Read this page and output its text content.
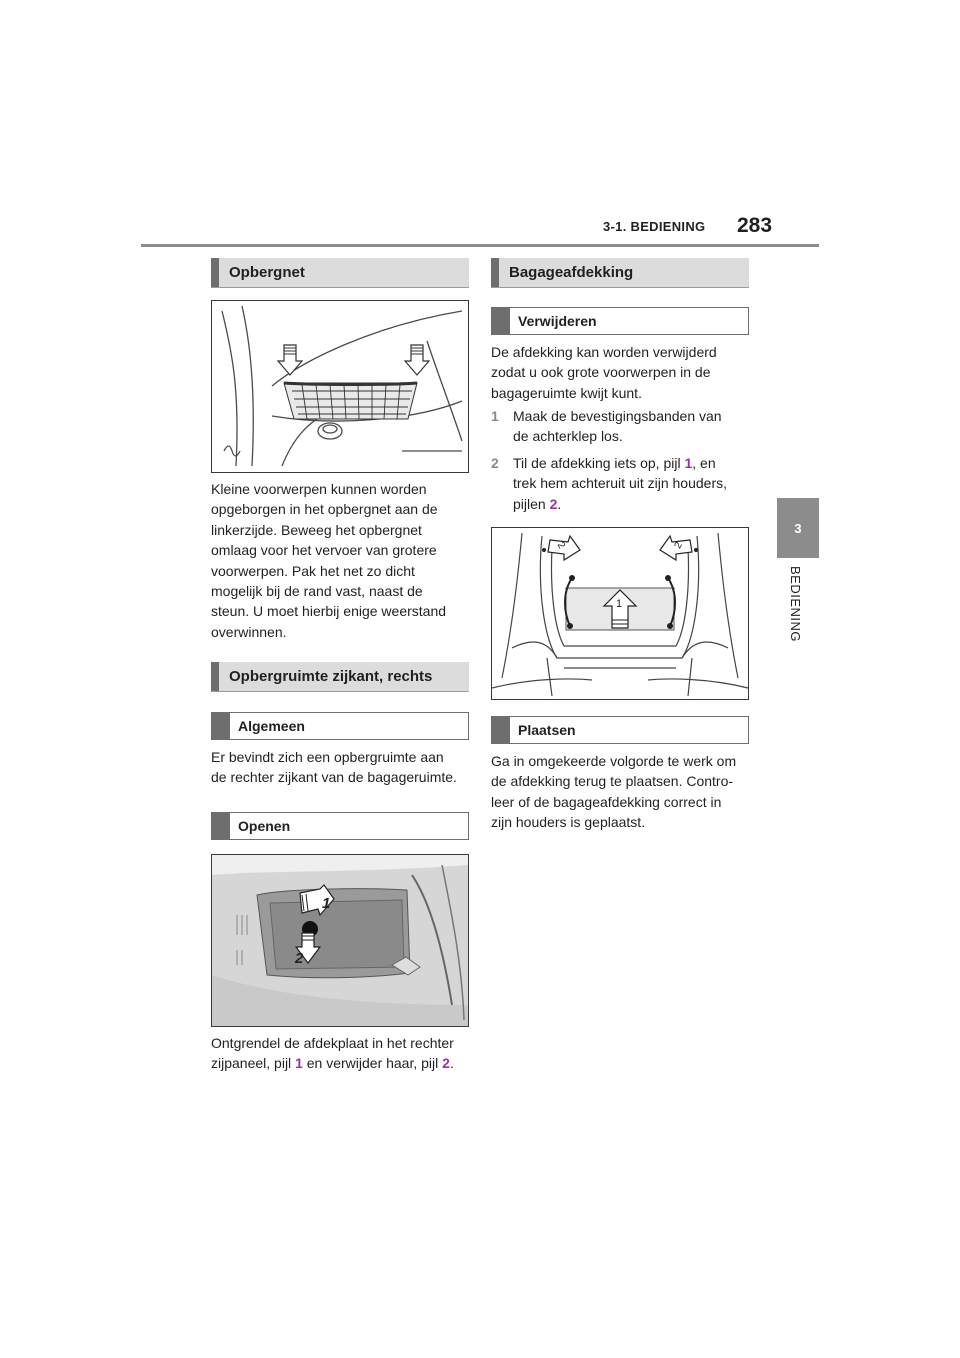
3-1. BEDIENING 283
3
BEDIENING
Opbergnet
Kleine voorwerpen kunnen worden
opgeborgen in het opbergnet aan de
linkerzijde. Beweeg het opbergnet
omlaag voor het vervoer van grotere
voorwerpen. Pak het net zo dicht
mogelijk bij de rand vast, naast de
steun. U moet hierbij enige weerstand
overwinnen.
Opbergruimte zijkant, rechts
Algemeen
Er bevindt zich een opbergruimte aan
de rechter zijkant van de bagageruimte.
Openen
1
2
Ontgrendel de afdekplaat in het rechter
zijpaneel, pijl 1 en verwijder haar, pijl 2.
Bagageafdekking
Verwijderen
De afdekking kan worden verwijderd
zodat u ook grote voorwerpen in de
bagageruimte kwijt kunt.
1	Maak de bevestigingsbanden van
de achterklep los.
2	Til de afdekking iets op, pijl 1, en
trek hem achteruit uit zijn houders,
pijlen 2.
1
2	2
Plaatsen
Ga in omgekeerde volgorde te werk om
de afdekking terug te plaatsen. Contro-
leer of de bagageafdekking correct in
zijn houders is geplaatst.
